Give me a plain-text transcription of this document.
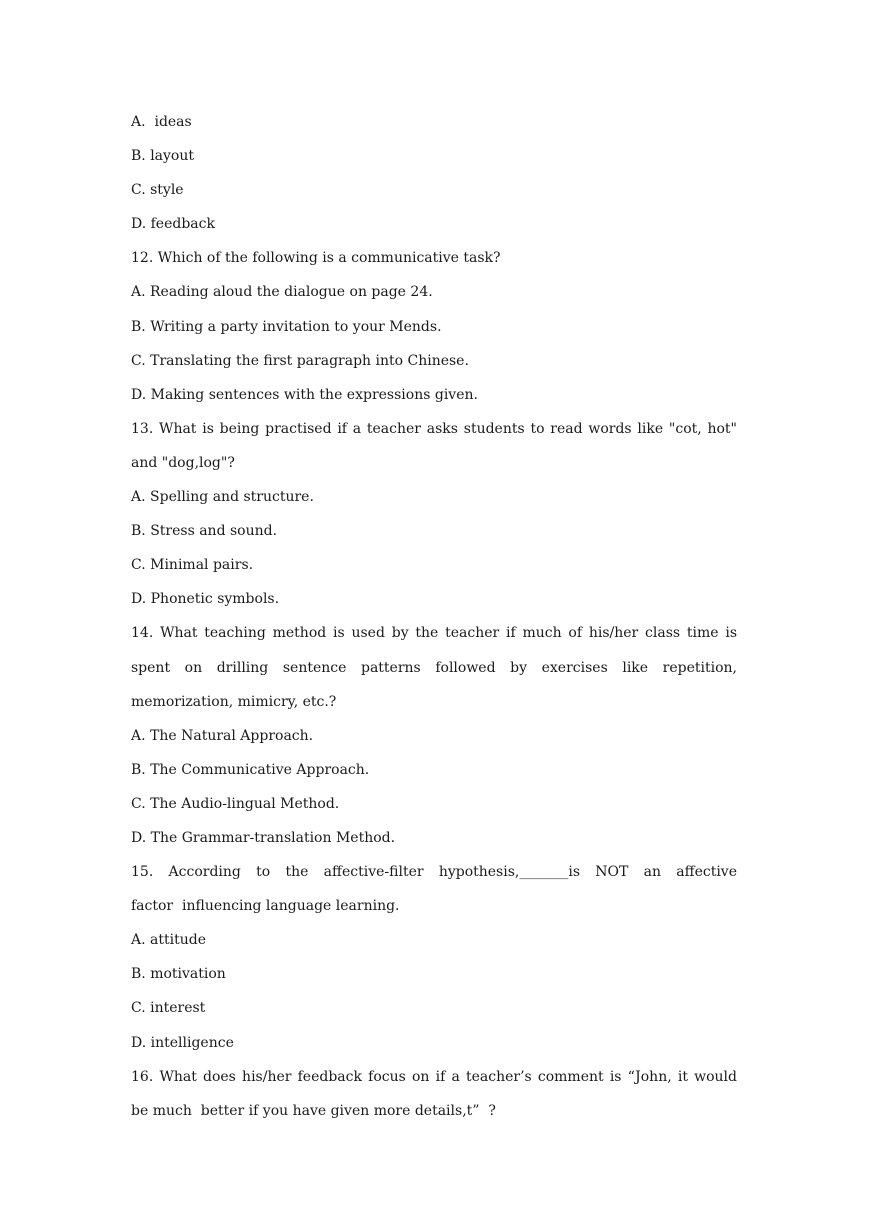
A.  ideas
B. layout
C. style
D. feedback
12. Which of the following is a communicative task?
A. Reading aloud the dialogue on page 24.
B. Writing a party invitation to your Mends.
C. Translating the first paragraph into Chinese.
D. Making sentences with the expressions given.
13. What is being practised if a teacher asks students to read words like "cot, hot"
and "dog,log"?
A. Spelling and structure.
B. Stress and sound.
C. Minimal pairs.
D. Phonetic symbols.
14. What teaching method is used by the teacher if much of his/her class time is
spent on drilling sentence patterns followed by exercises like repetition,
memorization, mimicry, etc.?
A. The Natural Approach.
B. The Communicative Approach.
C. The Audio-lingual Method.
D. The Grammar-translation Method.
15. According to the affective-filter hypothesis,_______is NOT an affective
factor  influencing language learning.
A. attitude
B. motivation
C. interest
D. intelligence
16. What does his/her feedback focus on if a teacher’s comment is “John, it would
be much  better if you have given more details,t”  ?
